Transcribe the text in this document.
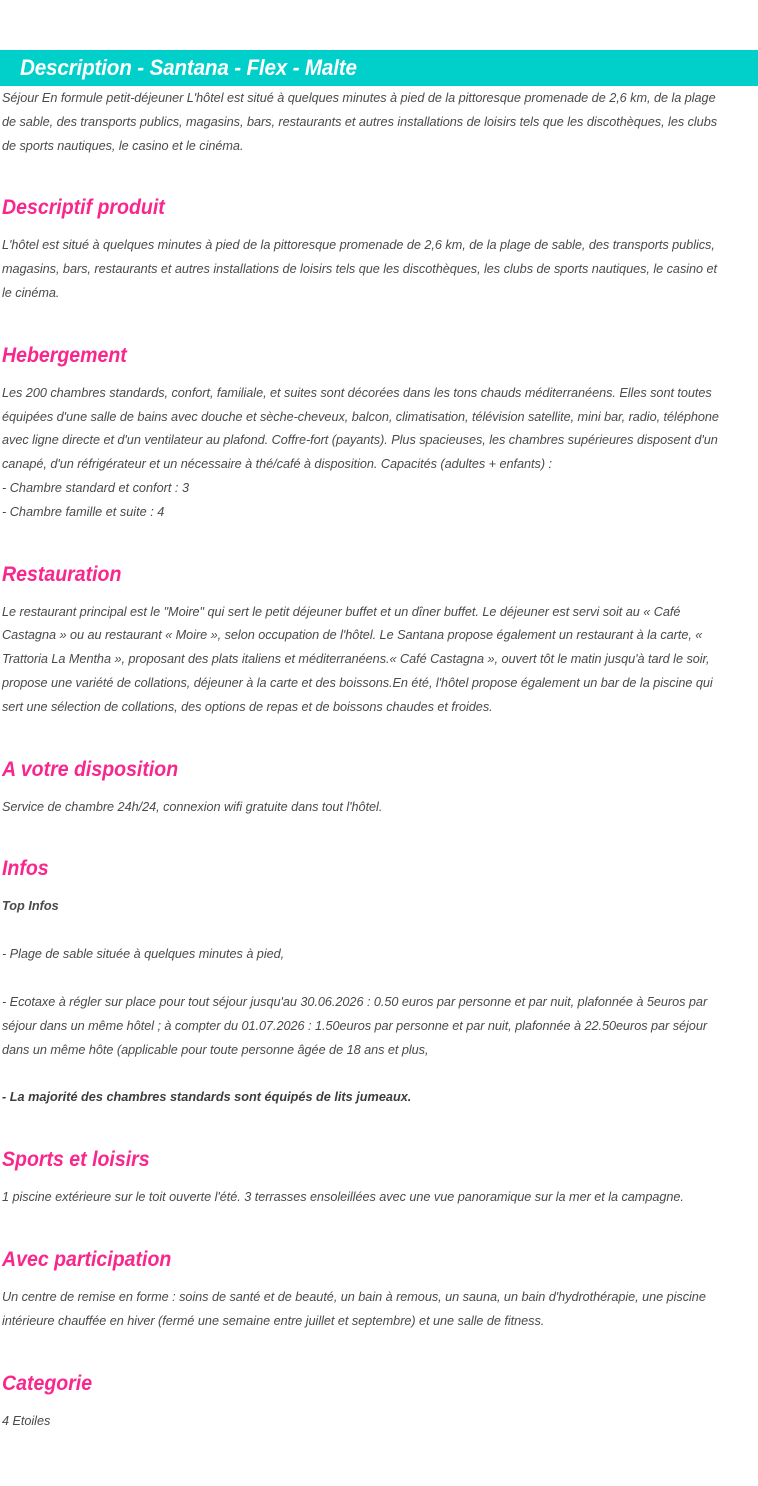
Description - Santana - Flex - Malte

Séjour En formule petit-déjeuner L'hôtel est situé à quelques minutes à pied de la pittoresque promenade de 2,6 km, de la plage de sable, des transports publics, magasins, bars, restaurants et autres installations de loisirs tels que les discothèques, les clubs de sports nautiques, le casino et le cinéma.

Descriptif produit

L'hôtel est situé à quelques minutes à pied de la pittoresque promenade de 2,6 km, de la plage de sable, des transports publics, magasins, bars, restaurants et autres installations de loisirs tels que les discothèques, les clubs de sports nautiques, le casino et le cinéma.

Hebergement

Les 200 chambres standards, confort, familiale, et suites sont décorées dans les tons chauds méditerranéens. Elles sont toutes équipées d'une salle de bains avec douche et sèche-cheveux, balcon, climatisation, télévision satellite, mini bar, radio, téléphone avec ligne directe et d'un ventilateur au plafond. Coffre-fort (payants). Plus spacieuses, les chambres supérieures disposent d'un canapé, d'un réfrigérateur et un nécessaire à thé/café à disposition. Capacités (adultes + enfants) :

- Chambre standard et confort : 3
- Chambre famille et suite : 4
Restauration

Le restaurant principal est le "Moire" qui sert le petit déjeuner buffet et un dîner buffet. Le déjeuner est servi soit au « Café Castagna » ou au restaurant « Moire », selon occupation de l'hôtel. Le Santana propose également un restaurant à la carte, « Trattoria La Mentha », proposant des plats italiens et méditerranéens.« Café Castagna », ouvert tôt le matin jusqu'à tard le soir, propose une variété de collations, déjeuner à la carte et des boissons.En été, l'hôtel propose également un bar de la piscine qui sert une sélection de collations, des options de repas et de boissons chaudes et froides.

A votre disposition

Service de chambre 24h/24, connexion wifi gratuite dans tout l'hôtel.

Infos

Top Infos

- Plage de sable située à quelques minutes à pied,

- Ecotaxe à régler sur place pour tout séjour jusqu'au 30.06.2026 : 0.50 euros par personne et par nuit, plafonnée à 5euros par séjour dans un même hôtel ; à compter du 01.07.2026 : 1.50euros par personne et par nuit, plafonnée à 22.50euros par séjour dans un même hôte (applicable pour toute personne âgée de 18 ans et plus,

- La majorité des chambres standards sont équipés de lits jumeaux.

Sports et loisirs

1 piscine extérieure sur le toit ouverte l'été. 3 terrasses ensoleillées avec une vue panoramique sur la mer et la campagne.

Avec participation

Un centre de remise en forme : soins de santé et de beauté, un bain à remous, un sauna, un bain d'hydrothérapie, une piscine intérieure chauffée en hiver (fermé une semaine entre juillet et septembre) et une salle de fitness.

Categorie

4 Etoiles
